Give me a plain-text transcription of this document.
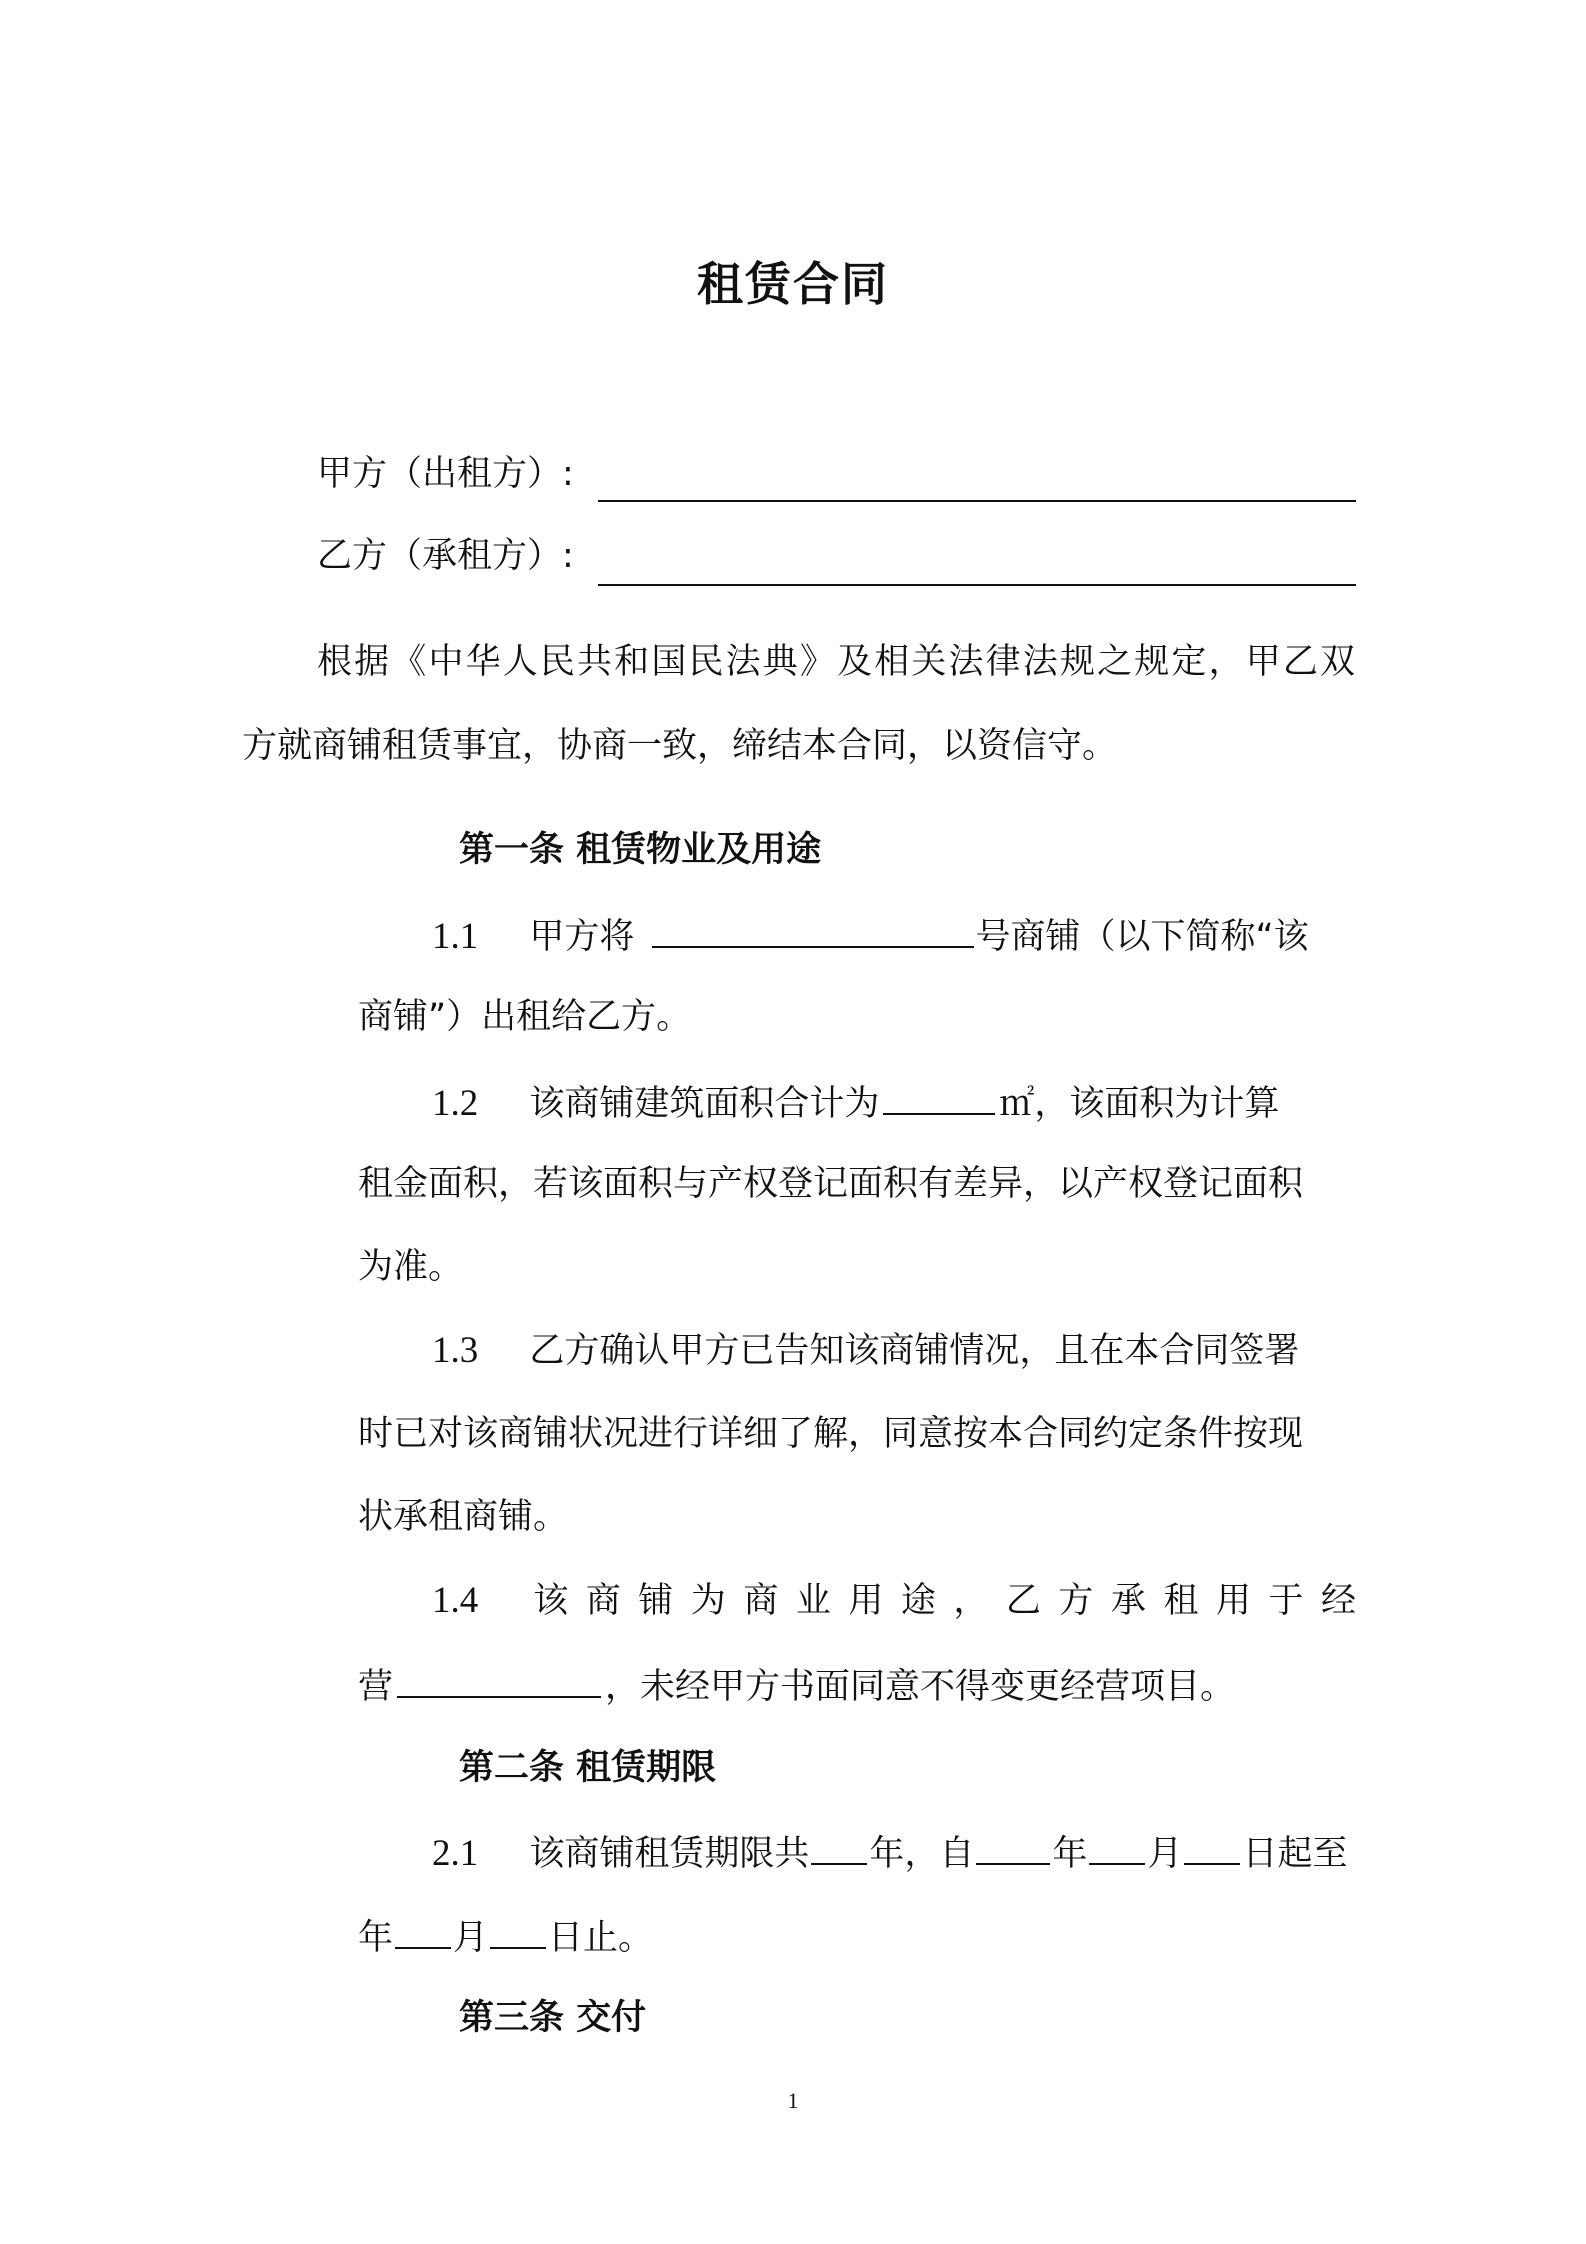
租赁合同
甲方（出租方）:
乙方（承租方）:
根据《中华人民共和国民法典》及相关法律法规之规定，甲乙双
方就商铺租赁事宜，协商一致，缔结本合同，以资信守。
第一条 租赁物业及用途
1.1 甲方将	号商铺（以下简称“该
商铺”）出租给乙方。
1.2 该商铺建筑面积合计为	㎡，该面积为计算
租金面积，若该面积与产权登记面积有差异，以产权登记面积
为准。
1.3 乙方确认甲方已告知该商铺情况，且在本合同签署
时已对该商铺状况进行详细了解，同意按本合同约定条件按现
状承租商铺。
1.4 该 商 铺 为 商 业 用 途 ， 乙 方 承 租 用 于 经
营	，未经甲方书面同意不得变更经营项目。
第二条 租赁期限
2.1 该商铺租赁期限共 年，自 年 月 日起至
年 月 日止。
第三条 交付
1
